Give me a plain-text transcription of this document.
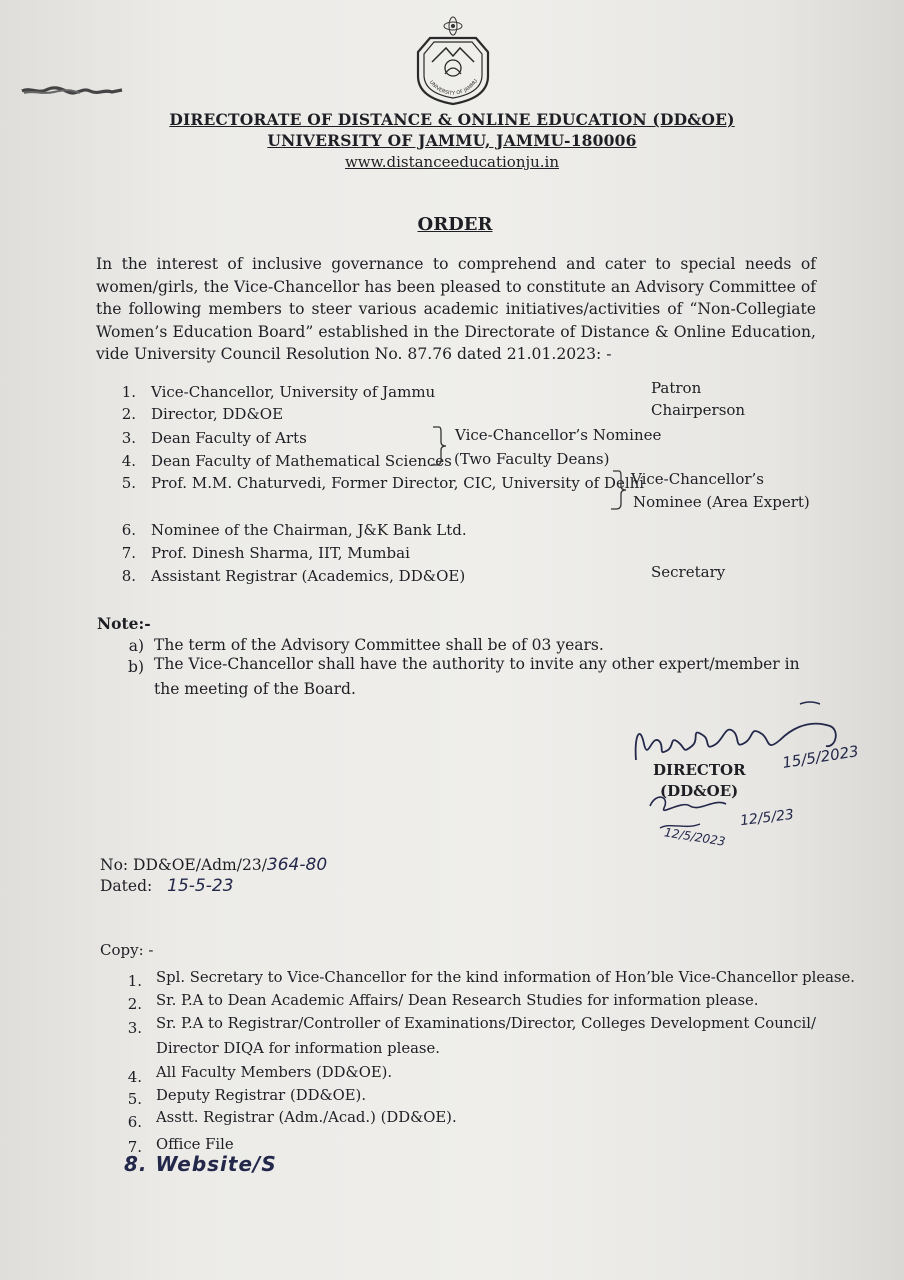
UNIVERSITY OF JAMMU
DIRECTORATE OF DISTANCE & ONLINE EDUCATION (DD&OE)
UNIVERSITY OF JAMMU, JAMMU-180006
www.distanceeducationju.in
ORDER
In the interest of inclusive governance to comprehend and cater to special needs of
women/girls, the Vice-Chancellor has been pleased to constitute an Advisory Committee of
the following members to steer various academic initiatives/activities of “Non-Collegiate
Women’s Education Board” established in the Directorate of Distance & Online Education,
vide University Council Resolution No. 87.76 dated 21.01.2023: -
1. Vice-Chancellor, University of Jammu	Patron
2. Director, DD&OE	Chairperson
3. Dean Faculty of Arts	Vice-Chancellor’s Nominee
4. Dean Faculty of Mathematical Sciences (Two Faculty Deans)
5. Prof. M.M. Chaturvedi, Former Director, CIC, University of Delhi
Vice-Chancellor’s
Nominee (Area Expert)
6. Nominee of the Chairman, J&K Bank Ltd.
7. Prof. Dinesh Sharma, IIT, Mumbai
8. Assistant Registrar (Academics, DD&OE)	Secretary
Note:-
a) The term of the Advisory Committee shall be of 03 years.
b) The Vice-Chancellor shall have the authority to invite any other expert/member in
the meeting of the Board.
15/5/2023
DIRECTOR
(DD&OE)
12/5/23
12/5/2023
No: DD&OE/Adm/23/364-80
Dated: 15-5-23
Copy: -
1. Spl. Secretary to Vice-Chancellor for the kind information of Hon’ble Vice-Chancellor please.
2. Sr. P.A to Dean Academic Affairs/ Dean Research Studies for information please.
3. Sr. P.A to Registrar/Controller of Examinations/Director, Colleges Development Council/
Director DIQA for information please.
4. All Faculty Members (DD&OE).
5. Deputy Registrar (DD&OE).
6. Asstt. Registrar (Adm./Acad.) (DD&OE).
7. Office File
8. Website/S
